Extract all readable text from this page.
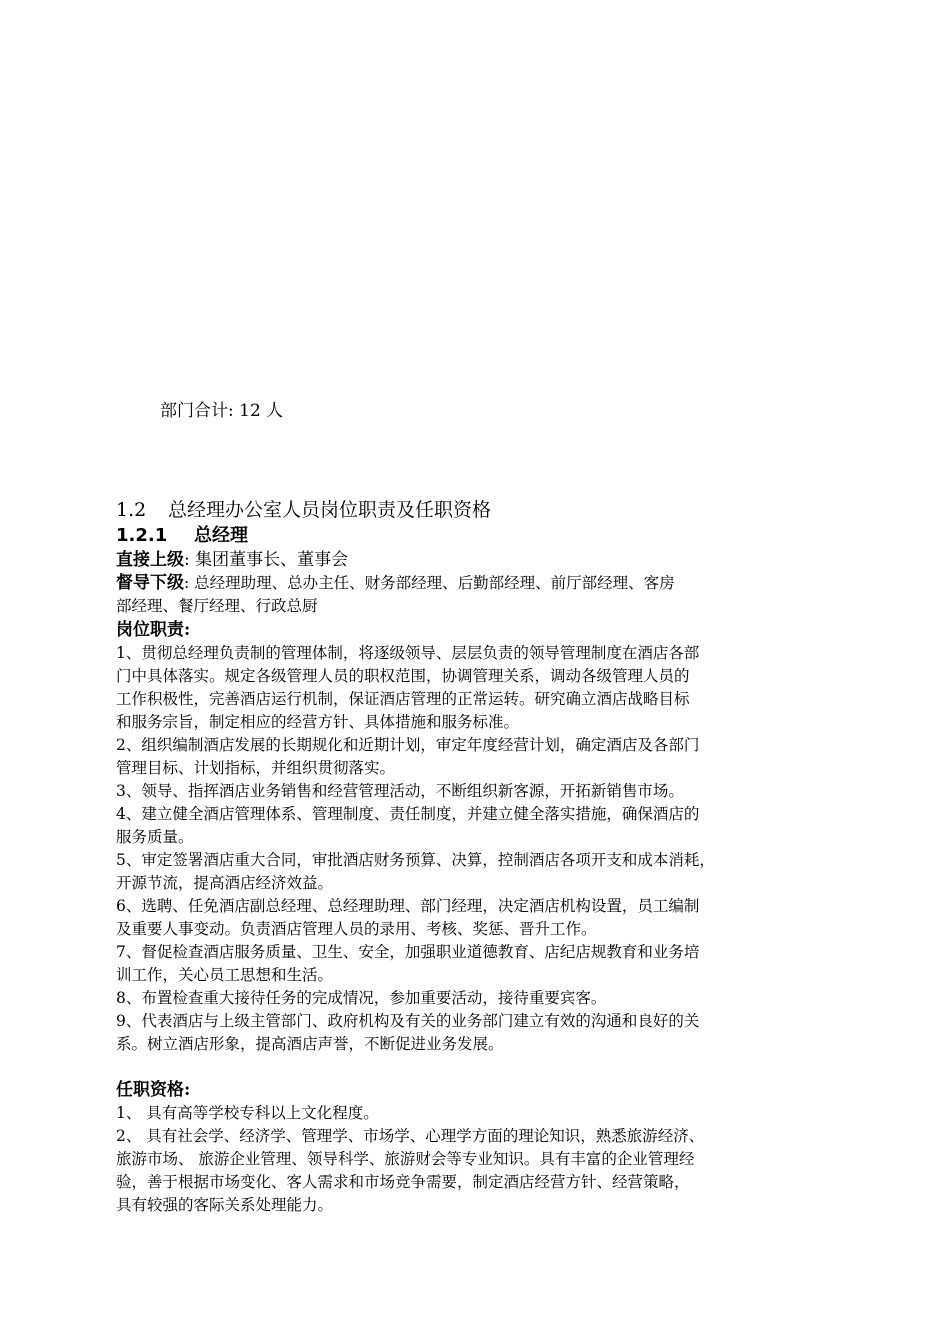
部门合计: 12 人
1.2 总经理办公室人员岗位职责及任职资格
1.2.1 总经理
直接上级: 集团董事长、董事会
督导下级: 总经理助理、总办主任、财务部经理、后勤部经理、前厅部经理、客房
部经理、餐厅经理、行政总厨
岗位职责:
1、贯彻总经理负责制的管理体制，将逐级领导、层层负责的领导管理制度在酒店各部
门中具体落实。规定各级管理人员的职权范围，协调管理关系，调动各级管理人员的
工作积极性，完善酒店运行机制，保证酒店管理的正常运转。研究确立酒店战略目标
和服务宗旨，制定相应的经营方针、具体措施和服务标准。
2、组织编制酒店发展的长期规化和近期计划，审定年度经营计划，确定酒店及各部门
管理目标、计划指标，并组织贯彻落实。
3、领导、指挥酒店业务销售和经营管理活动，不断组织新客源，开拓新销售市场。
4、建立健全酒店管理体系、管理制度、责任制度，并建立健全落实措施，确保酒店的
服务质量。
5、审定签署酒店重大合同，审批酒店财务预算、决算，控制酒店各项开支和成本消耗，
开源节流，提高酒店经济效益。
6、选聘、任免酒店副总经理、总经理助理、部门经理，决定酒店机构设置，员工编制
及重要人事变动。负责酒店管理人员的录用、考核、奖惩、晋升工作。
7、督促检查酒店服务质量、卫生、安全，加强职业道德教育、店纪店规教育和业务培
训工作，关心员工思想和生活。
8、布置检查重大接待任务的完成情况，参加重要活动，接待重要宾客。
9、代表酒店与上级主管部门、政府机构及有关的业务部门建立有效的沟通和良好的关
系。树立酒店形象，提高酒店声誉，不断促进业务发展。
任职资格:
1、 具有高等学校专科以上文化程度。
2、 具有社会学、经济学、管理学、市场学、心理学方面的理论知识，熟悉旅游经济、
旅游市场、 旅游企业管理、领导科学、旅游财会等专业知识。具有丰富的企业管理经
验，善于根据市场变化、客人需求和市场竞争需要，制定酒店经营方针、经营策略，
具有较强的客际关系处理能力。
